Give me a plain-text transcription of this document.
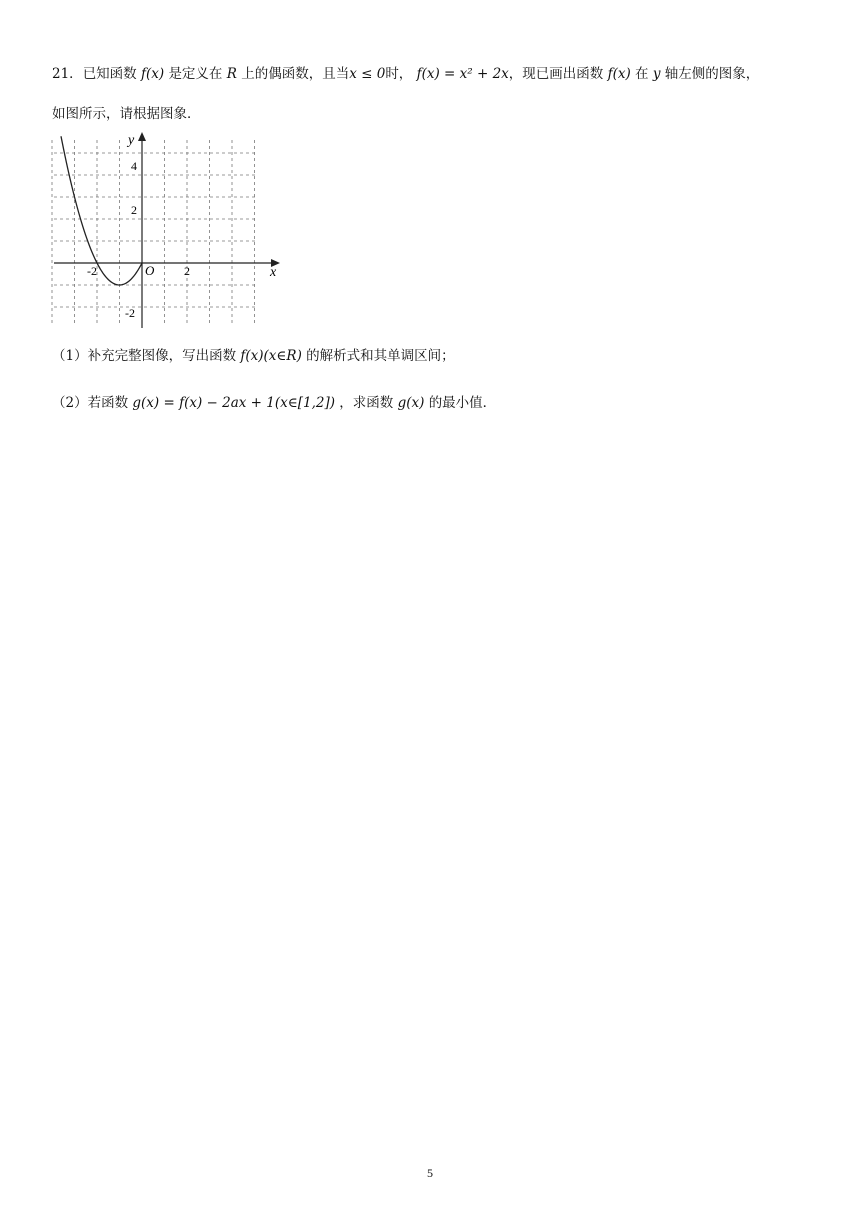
21．已知函数 f(x) 是定义在 R 上的偶函数，且当x ≤ 0时， f(x) = x² + 2x，现已画出函数 f(x) 在 y 轴左侧的图象，
如图所示，请根据图象．
y
x
O
4
2
-2
-2	2
（1）补充完整图像，写出函数 f(x)(x∈R) 的解析式和其单调区间；
（2）若函数 g(x) = f(x) − 2ax + 1(x∈[1,2]) ，求函数 g(x) 的最小值．
5
